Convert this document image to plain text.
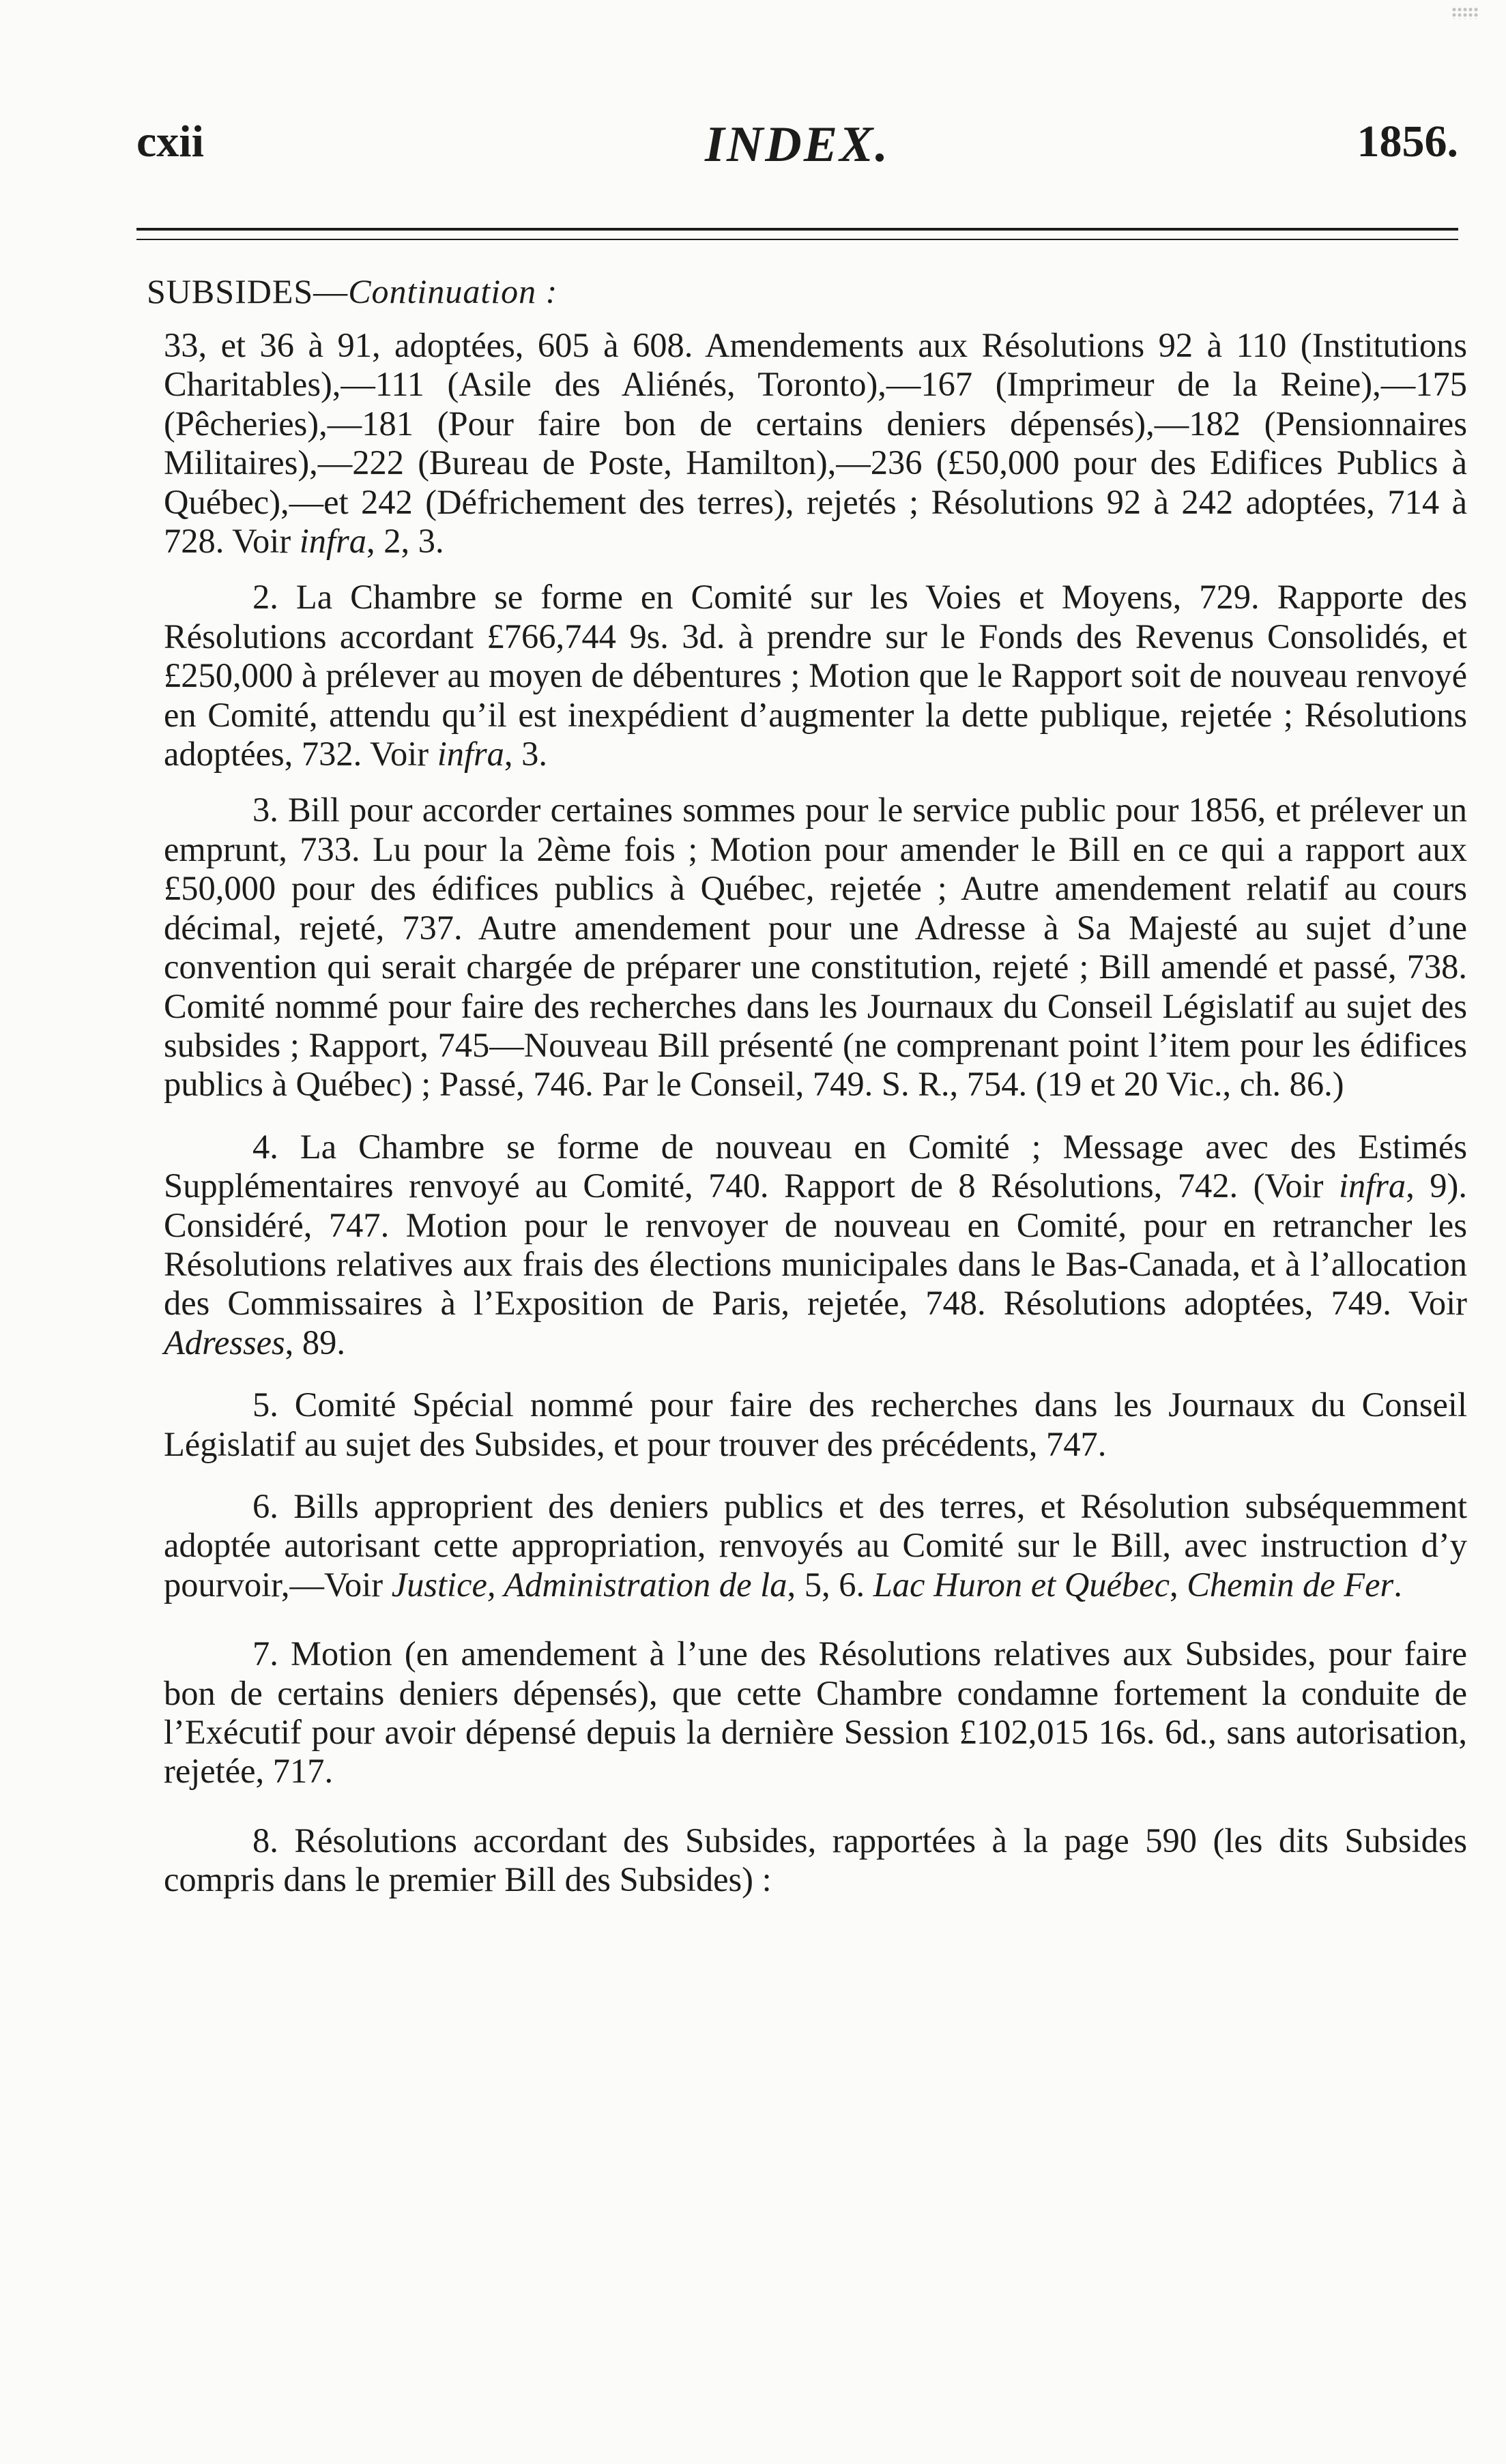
cxii	INDEX.	1856.
SUBSIDES—Continuation :

33, et 36 à 91, adoptées, 605 à 608. Amendements aux Résolutions 92 à 110 (Institutions Charitables),—111 (Asile des Aliénés, Toronto),—167 (Imprimeur de la Reine),—175 (Pêcheries),—181 (Pour faire bon de certains deniers dépensés),—182 (Pensionnaires Militaires),—222 (Bureau de Poste, Hamilton),—236 (£50,000 pour des Edifices Publics à Québec),—et 242 (Défrichement des terres), rejetés ; Résolutions 92 à 242 adoptées, 714 à 728. Voir infra, 2, 3.

2. La Chambre se forme en Comité sur les Voies et Moyens, 729. Rapporte des Résolutions accordant £766,744 9s. 3d. à prendre sur le Fonds des Revenus Consolidés, et £250,000 à prélever au moyen de débentures ; Motion que le Rapport soit de nouveau renvoyé en Comité, attendu qu’il est inexpédient d’augmenter la dette publique, rejetée ; Résolutions adoptées, 732. Voir infra, 3.

3. Bill pour accorder certaines sommes pour le service public pour 1856, et prélever un emprunt, 733. Lu pour la 2ème fois ; Motion pour amender le Bill en ce qui a rapport aux £50,000 pour des édifices publics à Québec, rejetée ; Autre amendement relatif au cours décimal, rejeté, 737. Autre amendement pour une Adresse à Sa Majesté au sujet d’une convention qui serait chargée de préparer une constitution, rejeté ; Bill amendé et passé, 738. Comité nommé pour faire des recherches dans les Journaux du Conseil Législatif au sujet des subsides ; Rapport, 745—Nouveau Bill présenté (ne comprenant point l’item pour les édifices publics à Québec) ; Passé, 746. Par le Conseil, 749. S. R., 754. (19 et 20 Vic., ch. 86.)

4. La Chambre se forme de nouveau en Comité ; Message avec des Estimés Supplémentaires renvoyé au Comité, 740. Rapport de 8 Résolutions, 742. (Voir infra, 9). Considéré, 747. Motion pour le renvoyer de nouveau en Comité, pour en retrancher les Résolutions relatives aux frais des élections municipales dans le Bas-Canada, et à l’allocation des Commissaires à l’Exposition de Paris, rejetée, 748. Résolutions adoptées, 749. Voir Adresses, 89.

5. Comité Spécial nommé pour faire des recherches dans les Journaux du Conseil Législatif au sujet des Subsides, et pour trouver des précédents, 747.

6. Bills approprient des deniers publics et des terres, et Résolution subséquemment adoptée autorisant cette appropriation, renvoyés au Comité sur le Bill, avec instruction d’y pourvoir,—Voir Justice, Administration de la, 5, 6. Lac Huron et Québec, Chemin de Fer.

7. Motion (en amendement à l’une des Résolutions relatives aux Subsides, pour faire bon de certains deniers dépensés), que cette Chambre condamne fortement la conduite de l’Exécutif pour avoir dépensé depuis la dernière Session £102,015 16s. 6d., sans autorisation, rejetée, 717.

8. Résolutions accordant des Subsides, rapportées à la page 590 (les dits Subsides compris dans le premier Bill des Subsides) :
